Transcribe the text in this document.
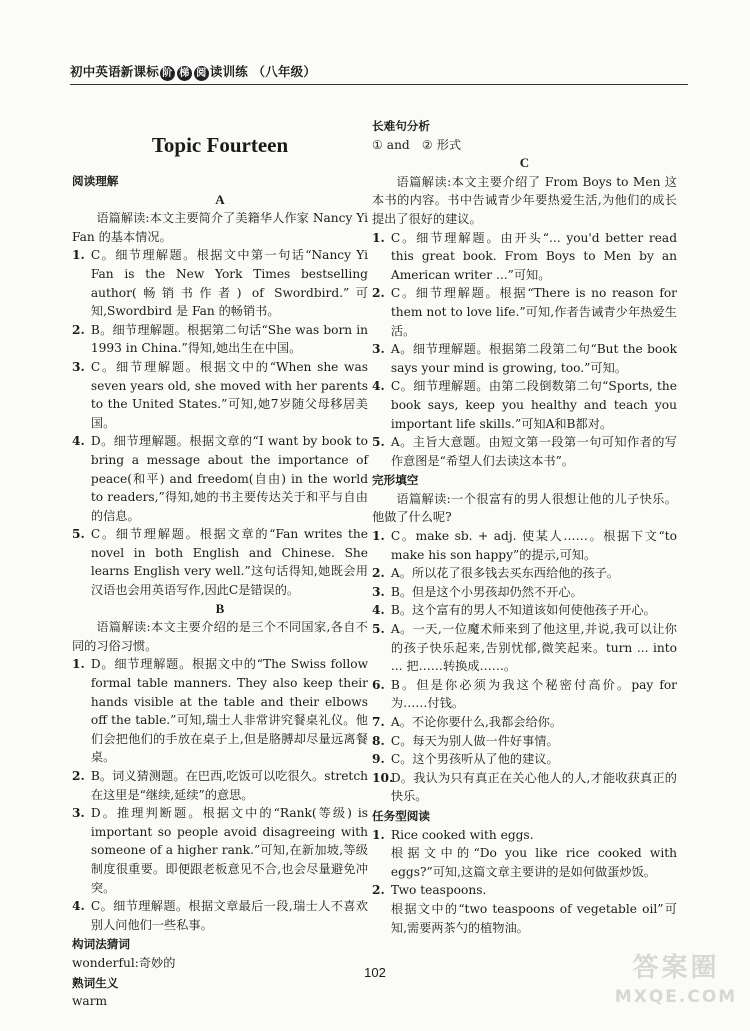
初中英语新课标 阶 梯 阅 读训练 （八年级）
Topic Fourteen
阅读理解
A
语篇解读:本文主要简介了美籍华人作家 Nancy Yi Fan 的基本情况。
1. C。细节理解题。根据文中第一句话“Nancy Yi Fan is the New York Times bestselling author(畅销书作者) of Swordbird.”可知,Swordbird 是 Fan 的畅销书。
2. B。细节理解题。根据第二句话“She was born in 1993 in China.”得知,她出生在中国。
3. C。细节理解题。根据文中的“When she was seven years old, she moved with her parents to the United States.”可知,她7岁随父母移居美国。
4. D。细节理解题。根据文章的“I want by book to bring a message about the importance of peace(和平) and freedom(自由) in the world to readers,”得知,她的书主要传达关于和平与自由的信息。
5. C。细节理解题。根据文章的“Fan writes the novel in both English and Chinese. She learns English very well.”这句话得知,她既会用汉语也会用英语写作,因此C是错误的。
B
语篇解读:本文主要介绍的是三个不同国家,各自不同的习俗习惯。
1. D。细节理解题。根据文中的“The Swiss follow formal table manners. They also keep their hands visible at the table and their elbows off the table.”可知,瑞士人非常讲究餐桌礼仪。他们会把他们的手放在桌子上,但是胳膊却尽量远离餐桌。
2. B。词义猜测题。在巴西,吃饭可以吃很久。stretch 在这里是“继续,延续”的意思。
3. D。推理判断题。根据文中的“Rank(等级) is important so people avoid disagreeing with someone of a higher rank.”可知,在新加坡,等级制度很重要。即便跟老板意见不合,也会尽量避免冲突。
4. C。细节理解题。根据文章最后一段,瑞士人不喜欢别人问他们一些私事。
构词法猜词
wonderful:奇妙的
熟词生义
warm
长难句分析
① and　② 形式
C
语篇解读:本文主要介绍了 From Boys to Men 这本书的内容。书中告诫青少年要热爱生活,为他们的成长提出了很好的建议。
1. C。细节理解题。由开头“... you'd better read this great book. From Boys to Men by an American writer ...”可知。
2. C。细节理解题。根据“There is no reason for them not to love life.”可知,作者告诫青少年热爱生活。
3. A。细节理解题。根据第二段第二句“But the book says your mind is growing, too.”可知。
4. C。细节理解题。由第二段倒数第二句“Sports, the book says, keep you healthy and teach you important life skills.”可知A和B都对。
5. A。主旨大意题。由短文第一段第一句可知作者的写作意图是“希望人们去读这本书”。
完形填空
语篇解读:一个很富有的男人很想让他的儿子快乐。他做了什么呢?
1. C。make sb. + adj. 使某人……。根据下文“to make his son happy”的提示,可知。
2. A。所以花了很多钱去买东西给他的孩子。
3. B。但是这个小男孩却仍然不开心。
4. B。这个富有的男人不知道该如何使他孩子开心。
5. A。一天,一位魔术师来到了他这里,并说,我可以让你的孩子快乐起来,告别忧郁,微笑起来。turn ... into ... 把……转换成……。
6. B。但是你必须为我这个秘密付高价。pay for 为……付钱。
7. A。不论你要什么,我都会给你。
8. C。每天为别人做一件好事情。
9. C。这个男孩听从了他的建议。
10.
D。我认为只有真正在关心他人的人,才能收获真正的快乐。
任务型阅读
1. Rice cooked with eggs.
根据文中的“Do you like rice cooked with eggs?”可知,这篇文章主要讲的是如何做蛋炒饭。
2. Two teaspoons.
根据文中的“two teaspoons of vegetable oil”可知,需要两茶勺的植物油。
102	答案圈
MXQE.COM
